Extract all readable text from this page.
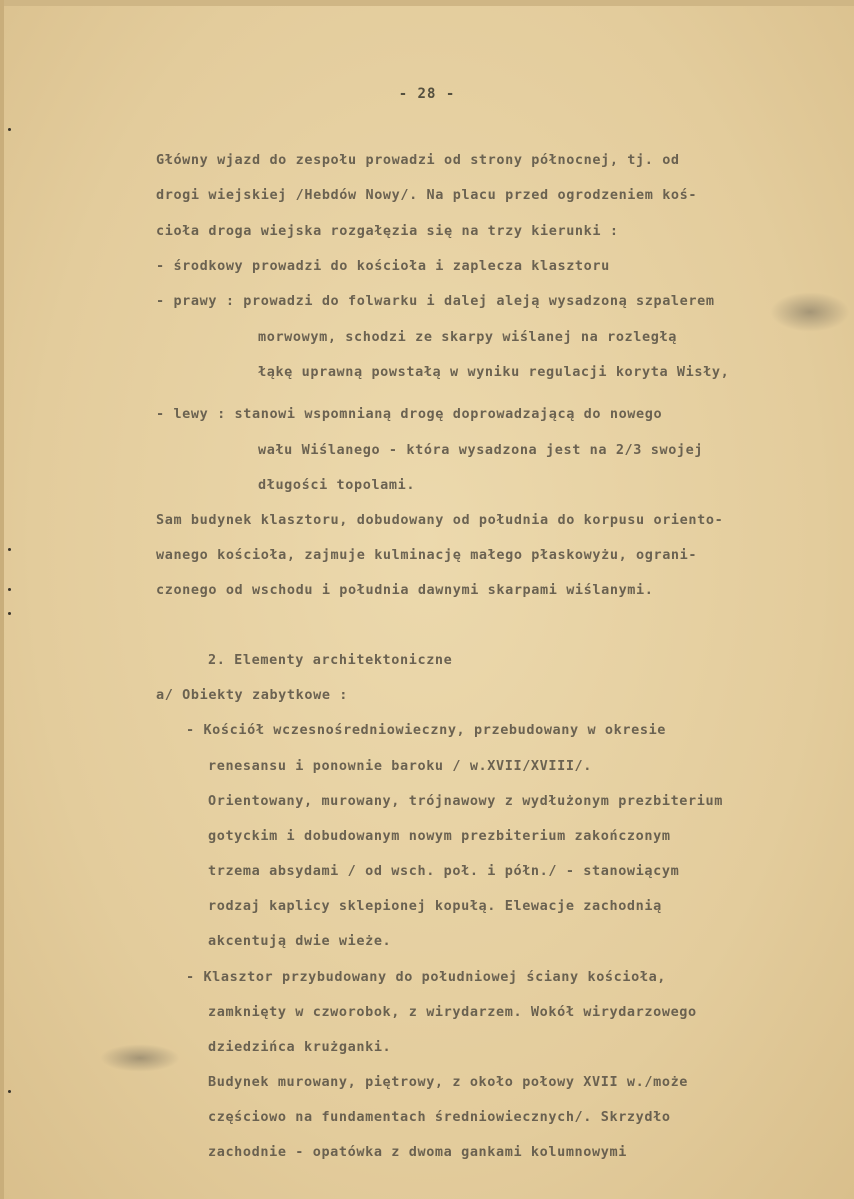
- 28 -
Główny wjazd do zespołu prowadzi od strony północnej, tj. od
drogi wiejskiej /Hebdów Nowy/. Na placu przed ogrodzeniem koś-
cioła droga wiejska rozgałęzia się na trzy kierunki :
- środkowy prowadzi do kościoła i zaplecza klasztoru
- prawy : prowadzi do folwarku i dalej aleją wysadzoną szpalerem
morwowym, schodzi ze skarpy wiślanej na rozległą
łąkę uprawną powstałą w wyniku regulacji koryta Wisły,
- lewy : stanowi wspomnianą drogę doprowadzającą do nowego
wału Wiślanego - która wysadzona jest na 2/3 swojej
długości topolami.
Sam budynek klasztoru, dobudowany od południa do korpusu oriento-
wanego kościoła, zajmuje kulminację małego płaskowyżu, ograni-
czonego od wschodu i południa dawnymi skarpami wiślanymi.
2. Elementy architektoniczne
a/ Obiekty zabytkowe :
- Kościół wczesnośredniowieczny, przebudowany w okresie
renesansu i ponownie baroku / w.XVII/XVIII/.
Orientowany, murowany, trójnawowy z wydłużonym prezbiterium
gotyckim i dobudowanym nowym prezbiterium zakończonym
trzema absydami / od wsch. poł. i półn./ - stanowiącym
rodzaj kaplicy sklepionej kopułą. Elewacje zachodnią
akcentują dwie wieże.
- Klasztor przybudowany do południowej ściany kościoła,
zamknięty w czworobok, z wirydarzem. Wokół wirydarzowego
dziedzińca krużganki.
Budynek murowany, piętrowy, z około połowy XVII w./może
częściowo na fundamentach średniowiecznych/. Skrzydło
zachodnie - opatówka z dwoma gankami kolumnowymi
